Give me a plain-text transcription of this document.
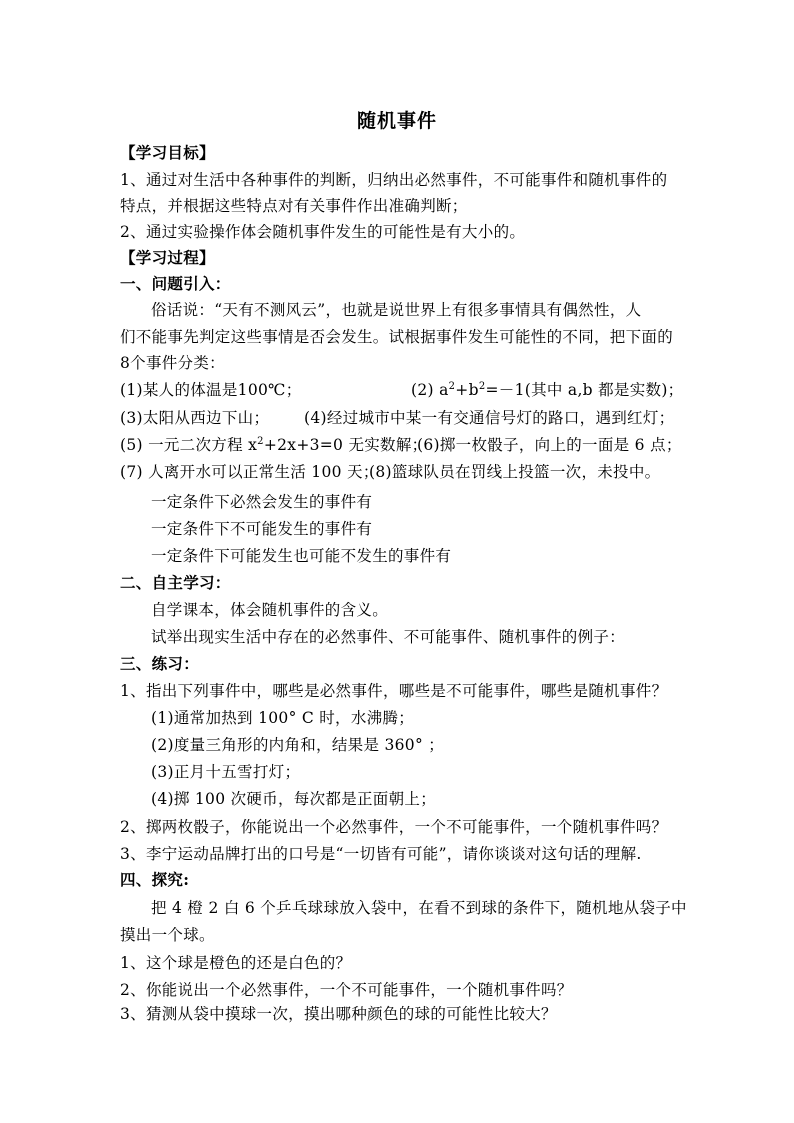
随机事件
【学习目标】
1、通过对生活中各种事件的判断，归纳出必然事件，不可能事件和随机事件的
特点，并根据这些特点对有关事件作出准确判断；
2、通过实验操作体会随机事件发生的可能性是有大小的。
【学习过程】
一、问题引入：
俗话说：“天有不测风云”，也就是说世界上有很多事情具有偶然性，人
们不能事先判定这些事情是否会发生。试根据事件发生可能性的不同，把下面的
8个事件分类：
(1)某人的体温是100℃；	(2) $a^2+b^2=-1$(其中 a,b 都是实数)；
(3)太阳从西边下山； (4)经过城市中某一有交通信号灯的路口，遇到红灯；
(5) 一元二次方程 $x^2+2x+3=0$ 无实数解；
(6)掷一枚骰子，向上的一面是 6 点；
(7) 人离开水可以正常生活 100 天；
(8)篮球队员在罚线上投篮一次，未投中。
一定条件下必然会发生的事件有
一定条件下不可能发生的事件有
一定条件下可能发生也可能不发生的事件有
二、自主学习：
自学课本，体会随机事件的含义。
试举出现实生活中存在的必然事件、不可能事件、随机事件的例子：
三、练习：
1、指出下列事件中，哪些是必然事件，哪些是不可能事件，哪些是随机事件？
(1)通常加热到 100° C 时，水沸腾；
(2)度量三角形的内角和，结果是 360° ；
(3)正月十五雪打灯；
(4)掷 100 次硬币，每次都是正面朝上；
2、掷两枚骰子，你能说出一个必然事件，一个不可能事件，一个随机事件吗？
3、李宁运动品牌打出的口号是“一切皆有可能”，请你谈谈对这句话的理解.
四、探究:
把 4 橙 2 白 6 个乒乓球球放入袋中，在看不到球的条件下，随机地从袋子中
摸出一个球。
1、这个球是橙色的还是白色的？
2、你能说出一个必然事件，一个不可能事件，一个随机事件吗？
3、猜测从袋中摸球一次，摸出哪种颜色的球的可能性比较大？
